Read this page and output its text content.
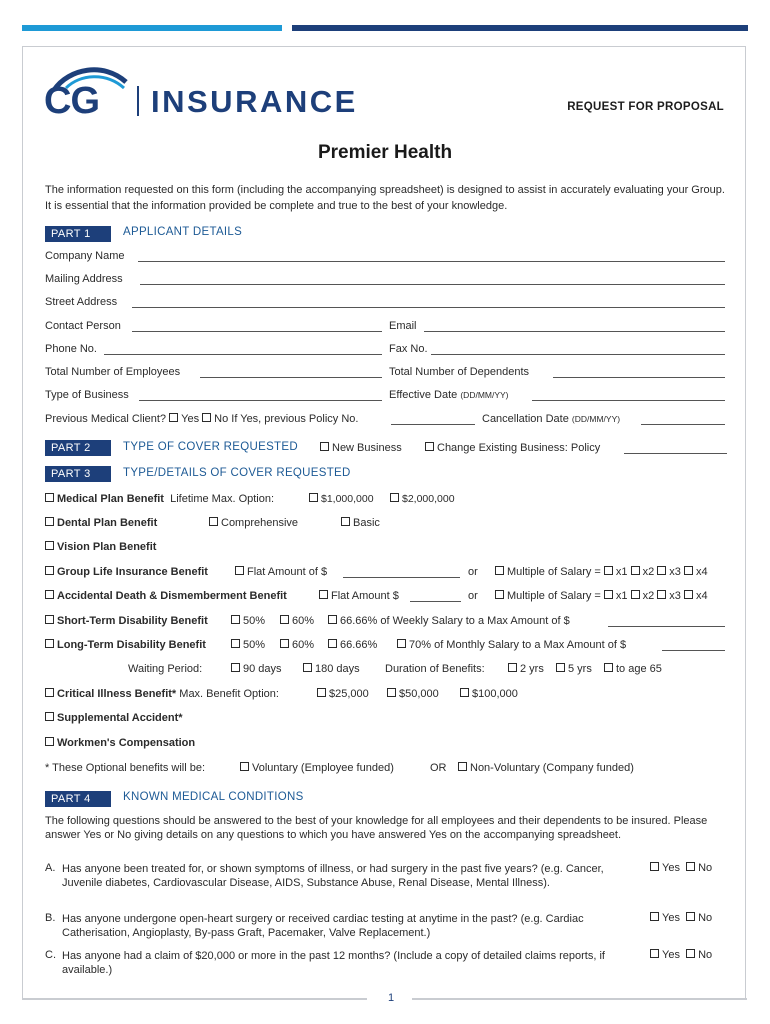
1
CG INSURANCE	REQUEST FOR PROPOSAL
Premier Health
The information requested on this form (including the accompanying spreadsheet) is designed to assist in accurately evaluating your Group. It is essential that the information provided be complete and true to the best of your knowledge.
PART 1	APPLICANT DETAILS
Company Name
Mailing Address
Street Address
Contact Person	Email
Phone No.	Fax No.
Total Number of Employees	Total Number of Dependents
Type of Business	Effective Date (DD/MM/YY)
Previous Medical Client? Yes No If Yes, previous Policy No.	Cancellation Date (DD/MM/YY)
PART 2	TYPE OF COVER REQUESTED	New Business	Change Existing Business: Policy
PART 3	TYPE/DETAILS OF COVER REQUESTED
Medical Plan Benefit Lifetime Max. Option:	$1,000,000	$2,000,000
Dental Plan Benefit	Comprehensive	Basic
Vision Plan Benefit
Group Life Insurance Benefit	Flat Amount of $	or	Multiple of Salary = x1 x2 x3 x4
Accidental Death & Dismemberment Benefit	Flat Amount $	or	Multiple of Salary = x1 x2 x3 x4
Short-Term Disability Benefit	50%	60%	66.66% of Weekly Salary to a Max Amount of $
Long-Term Disability Benefit	50%	60%	66.66%	70% of Monthly Salary to a Max Amount of $
Waiting Period:	90 days	180 days Duration of Benefits:	2 yrs	5 yrs	to age 65
Critical Illness Benefit* Max. Benefit Option:	$25,000	$50,000	$100,000
Supplemental Accident*
Workmen's Compensation
* These Optional benefits will be:	Voluntary (Employee funded)	OR	Non-Voluntary (Company funded)
PART 4	KNOWN MEDICAL CONDITIONS
The following questions should be answered to the best of your knowledge for all employees and their dependents to be insured. Please answer Yes or No giving details on any questions to which you have answered Yes on the accompanying spreadsheet.
A. Has anyone been treated for, or shown symptoms of illness, or had surgery in the past five years? (e.g. Cancer, Juvenile diabetes, Cardiovascular Disease, AIDS, Substance Abuse, Renal Disease, Mental Illness).
Yes No
B. Has anyone undergone open-heart surgery or received cardiac testing at anytime in the past? (e.g. Cardiac Catherisation, Angioplasty, By-pass Graft, Pacemaker, Valve Replacement.)
Yes No
C. Has anyone had a claim of $20,000 or more in the past 12 months? (Include a copy of detailed claims reports, if available.)
Yes No
